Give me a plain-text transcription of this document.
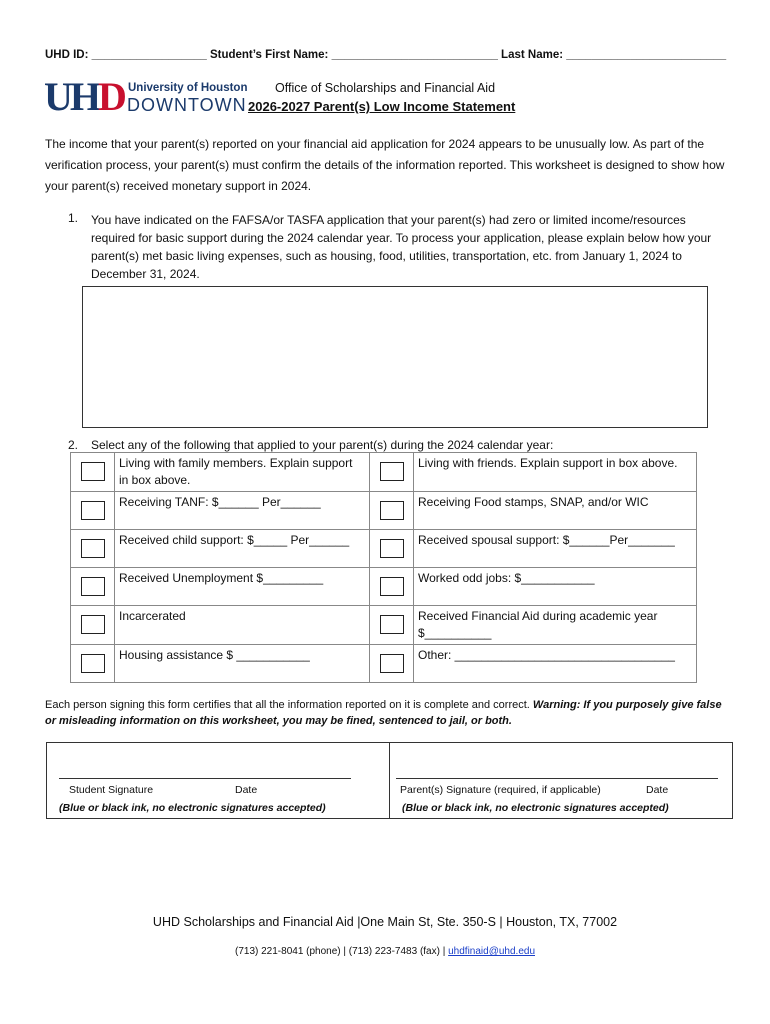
UHD ID: __________________ Student’s First Name: __________________________ Last Name: _________________________
UHD University of Houston
DOWNTOWN
Office of Scholarships and Financial Aid
2026-2027 Parent(s) Low Income Statement
The income that your parent(s) reported on your financial aid application for 2024 appears to be unusually low. As part of the verification process, your parent(s) must confirm the details of the information reported. This worksheet is designed to show how your parent(s) received monetary support in 2024.
1. You have indicated on the FAFSA/or TASFA application that your parent(s) had zero or limited income/resources required for basic support during the 2024 calendar year. To process your application, please explain below how your parent(s) met basic living expenses, such as housing, food, utilities, transportation, etc. from January 1, 2024 to December 31, 2024.
2. Select any of the following that applied to your parent(s) during the 2024 calendar year:
	Living with family members. Explain support in box above.		Living with friends. Explain support in box above.
	Receiving TANF: $______ Per______		Receiving Food stamps, SNAP, and/or WIC
	Received child support: $_____ Per______		Received spousal support: $______Per_______
	Received Unemployment $_________		Worked odd jobs: $___________
	Incarcerated		Received Financial Aid during academic year $__________
	Housing assistance $ ___________		Other: _________________________________
Each person signing this form certifies that all the information reported on it is complete and correct. Warning: If you purposely give false or misleading information on this worksheet, you may be fined, sentenced to jail, or both.
Student Signature	Date
(Blue or black ink, no electronic signatures accepted)

Parent(s) Signature (required, if applicable)	Date
(Blue or black ink, no electronic signatures accepted)
UHD Scholarships and Financial Aid |One Main St, Ste. 350-S | Houston, TX, 77002
(713) 221-8041 (phone) | (713) 223-7483 (fax) | uhdfinaid@uhd.edu
